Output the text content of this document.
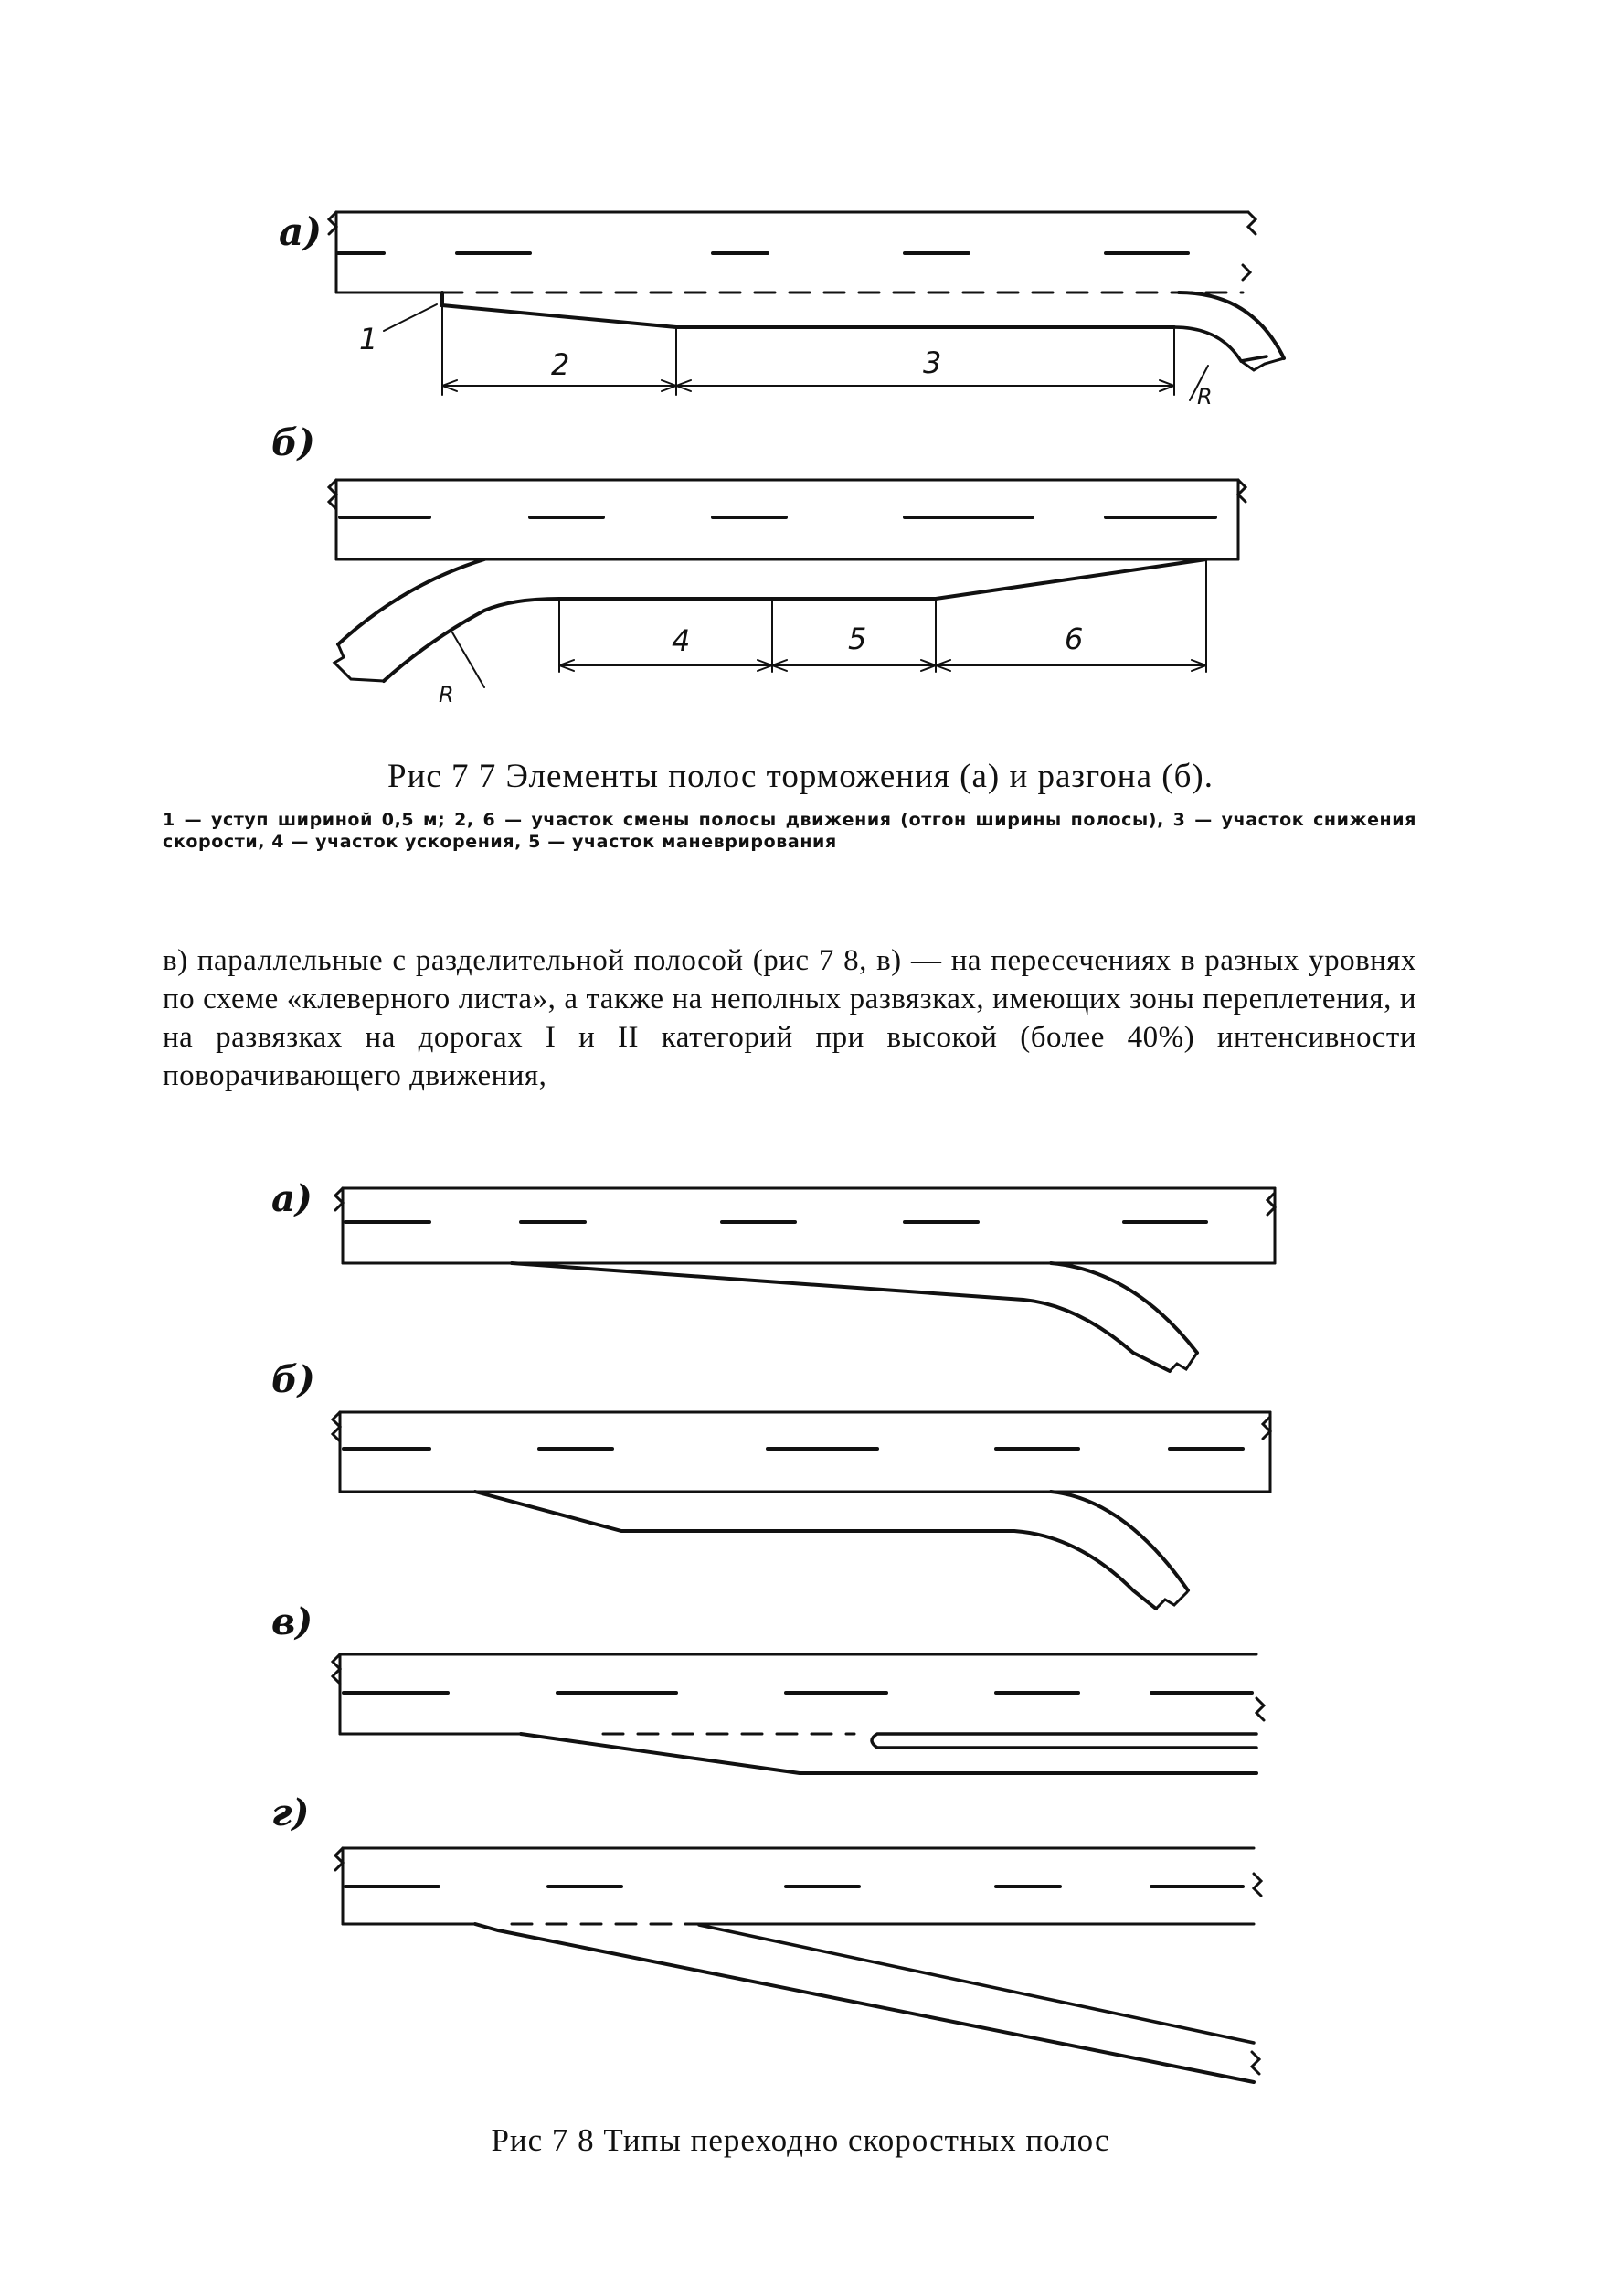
а)
1
2	3
R
б)
4	5	6
R
а)
б)
в)
г)
Рис 7 7 Элементы полос торможения (а) и разгона (б).
1 — уступ шириной 0,5 м; 2, 6 — участок смены полосы движения (отгон ширины полосы), 3 — участок снижения скорости, 4 — участок ускорения, 5 — участок маневрирования
в) параллельные с разделительной полосой (рис 7 8, в) — на пересечениях в разных уровнях по схеме «клеверного листа», а также на неполных развязках, имеющих зоны переплетения, и на развязках на дорогах I и II категорий при высокой (более 40%) интенсивности поворачивающего движения,
Рис 7 8 Типы переходно скоростных полос
